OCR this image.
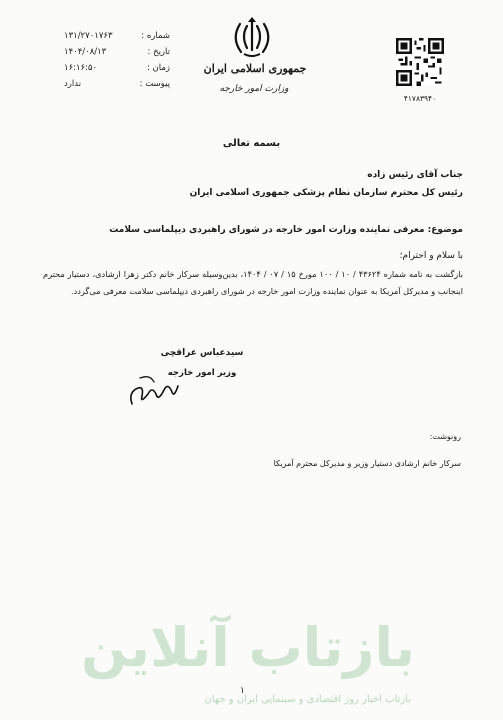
شماره :
۱۳۱/۲۷۰۱۷۶۳
تاریخ :
۱۴۰۴/۰۸/۱۳
زمان :
۱۶:۱۶:۵۰
پیوست :
ندارد
جمهوری اسلامی ایران
وزارت امور خارجه
۴۱۷۸۳۹۴۰
بسمه تعالی
جناب آقای رئیس زاده
رئیس کل محترم سازمان نظام پزشکی جمهوری اسلامی ایران
موضوع: معرفی نماینده وزارت امور خارجه در شورای راهبردی دیپلماسی سلامت
با سلام و احترام؛
بازگشت به نامه شماره ۴۳۶۲۴ / ۱۰ / ۱۰۰ مورخ ۱۵ / ۰۷ / ۱۴۰۴، بدین‌وسیله سرکار خانم دکتر زهرا ارشادی، دستیار محترم اینجانب و مدیرکل آمریکا به عنوان نماینده وزارت امور خارجه در شورای راهبردی دیپلماسی سلامت معرفی می‌گردد.
سیدعباس عراقچی
وزیر امور خارجه
رونوشت:
سرکار خانم ارشادی دستیار وزیر و مدیرکل محترم آمریکا
بازتاب آنلاین
بازتاب اخبار روز اقتصادی و سینمایی ایران و جهان
۱
